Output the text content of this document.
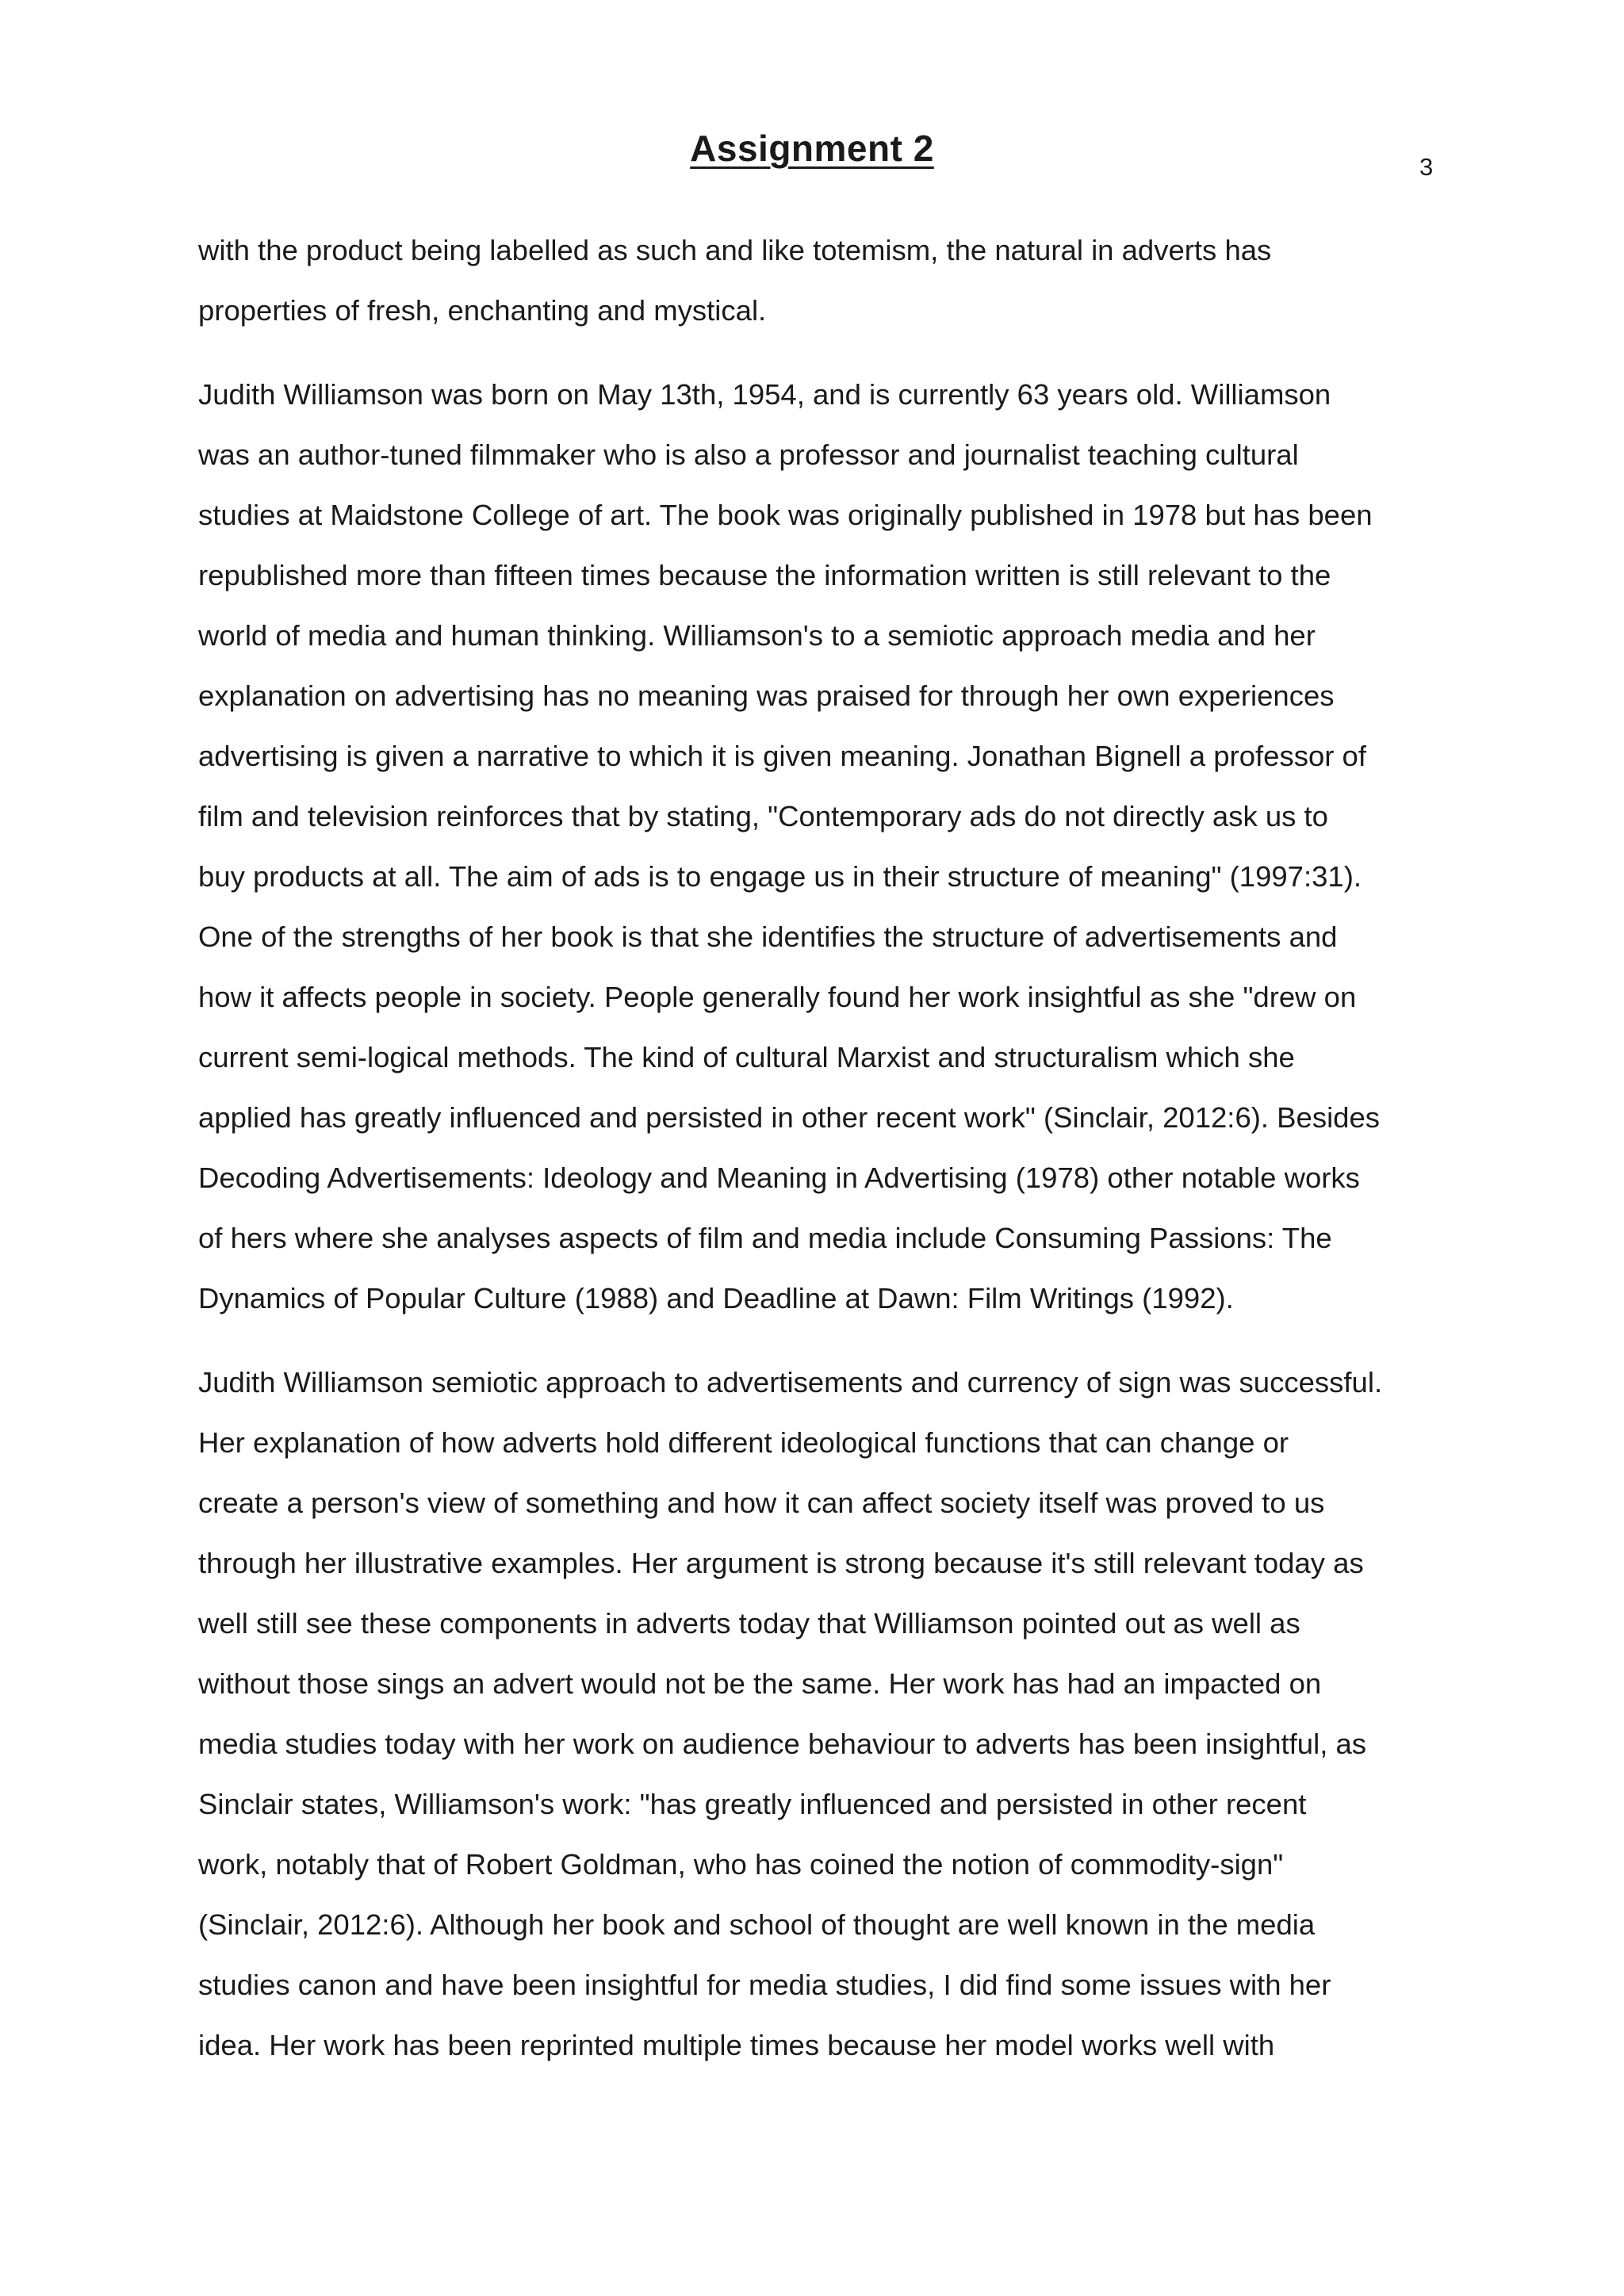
Assignment 2	3

with the product being labelled as such and like totemism, the natural in adverts has
properties of fresh, enchanting and mystical.

Judith Williamson was born on May 13th, 1954, and is currently 63 years old. Williamson
was an author-tuned filmmaker who is also a professor and journalist teaching cultural
studies at Maidstone College of art. The book was originally published in 1978 but has been
republished more than fifteen times because the information written is still relevant to the
world of media and human thinking. Williamson's to a semiotic approach media and her
explanation on advertising has no meaning was praised for through her own experiences
advertising is given a narrative to which it is given meaning. Jonathan Bignell a professor of
film and television reinforces that by stating, "Contemporary ads do not directly ask us to
buy products at all. The aim of ads is to engage us in their structure of meaning" (1997:31).
One of the strengths of her book is that she identifies the structure of advertisements and
how it affects people in society. People generally found her work insightful as she "drew on
current semi-logical methods. The kind of cultural Marxist and structuralism which she
applied has greatly influenced and persisted in other recent work" (Sinclair, 2012:6). Besides
Decoding Advertisements: Ideology and Meaning in Advertising (1978) other notable works
of hers where she analyses aspects of film and media include Consuming Passions: The
Dynamics of Popular Culture (1988) and Deadline at Dawn: Film Writings (1992).

Judith Williamson semiotic approach to advertisements and currency of sign was successful.
Her explanation of how adverts hold different ideological functions that can change or
create a person's view of something and how it can affect society itself was proved to us
through her illustrative examples. Her argument is strong because it's still relevant today as
well still see these components in adverts today that Williamson pointed out as well as
without those sings an advert would not be the same. Her work has had an impacted on
media studies today with her work on audience behaviour to adverts has been insightful, as
Sinclair states, Williamson's work: "has greatly influenced and persisted in other recent
work, notably that of Robert Goldman, who has coined the notion of commodity-sign"
(Sinclair, 2012:6). Although her book and school of thought are well known in the media
studies canon and have been insightful for media studies, I did find some issues with her
idea. Her work has been reprinted multiple times because her model works well with
